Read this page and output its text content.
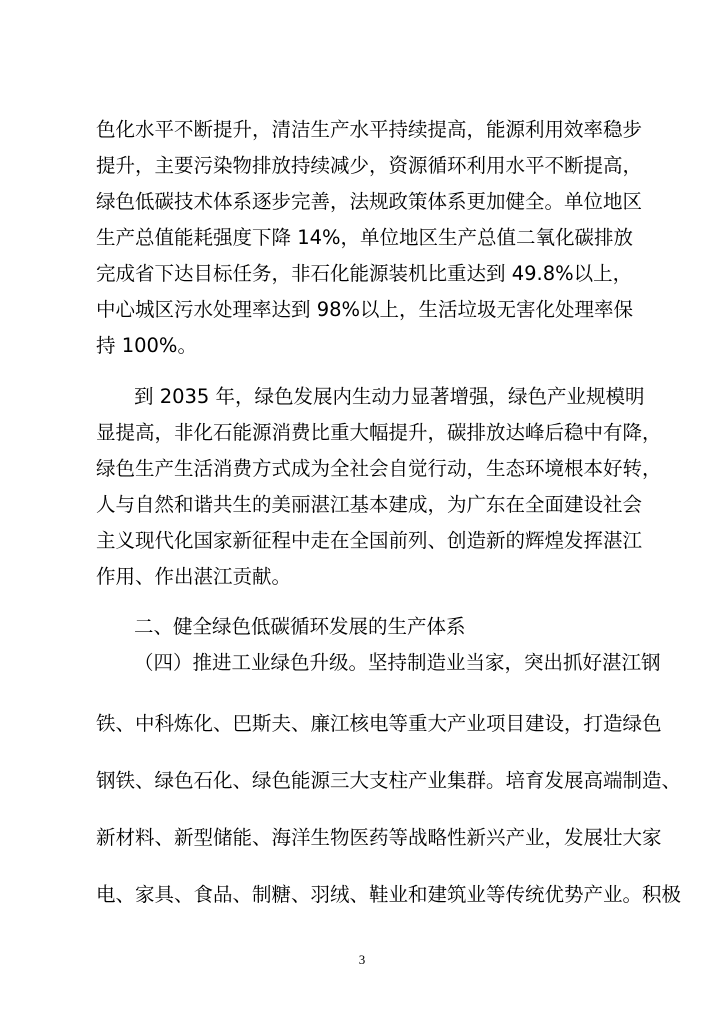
色化水平不断提升，清洁生产水平持续提高，能源利用效率稳步
提升，主要污染物排放持续减少，资源循环利用水平不断提高，
绿色低碳技术体系逐步完善，法规政策体系更加健全。单位地区
生产总值能耗强度下降 14%，单位地区生产总值二氧化碳排放
完成省下达目标任务，非石化能源装机比重达到 49.8%以上，
中心城区污水处理率达到 98%以上，生活垃圾无害化处理率保
持 100%。
到 2035 年，绿色发展内生动力显著增强，绿色产业规模明
显提高，非化石能源消费比重大幅提升，碳排放达峰后稳中有降，
绿色生产生活消费方式成为全社会自觉行动，生态环境根本好转，
人与自然和谐共生的美丽湛江基本建成，为广东在全面建设社会
主义现代化国家新征程中走在全国前列、创造新的辉煌发挥湛江
作用、作出湛江贡献。
二、健全绿色低碳循环发展的生产体系
（四）推进工业绿色升级。坚持制造业当家，突出抓好湛江钢
铁、中科炼化、巴斯夫、廉江核电等重大产业项目建设，打造绿色
钢铁、绿色石化、绿色能源三大支柱产业集群。培育发展高端制造、
新材料、新型储能、海洋生物医药等战略性新兴产业，发展壮大家
电、家具、食品、制糖、羽绒、鞋业和建筑业等传统优势产业。积极
3
